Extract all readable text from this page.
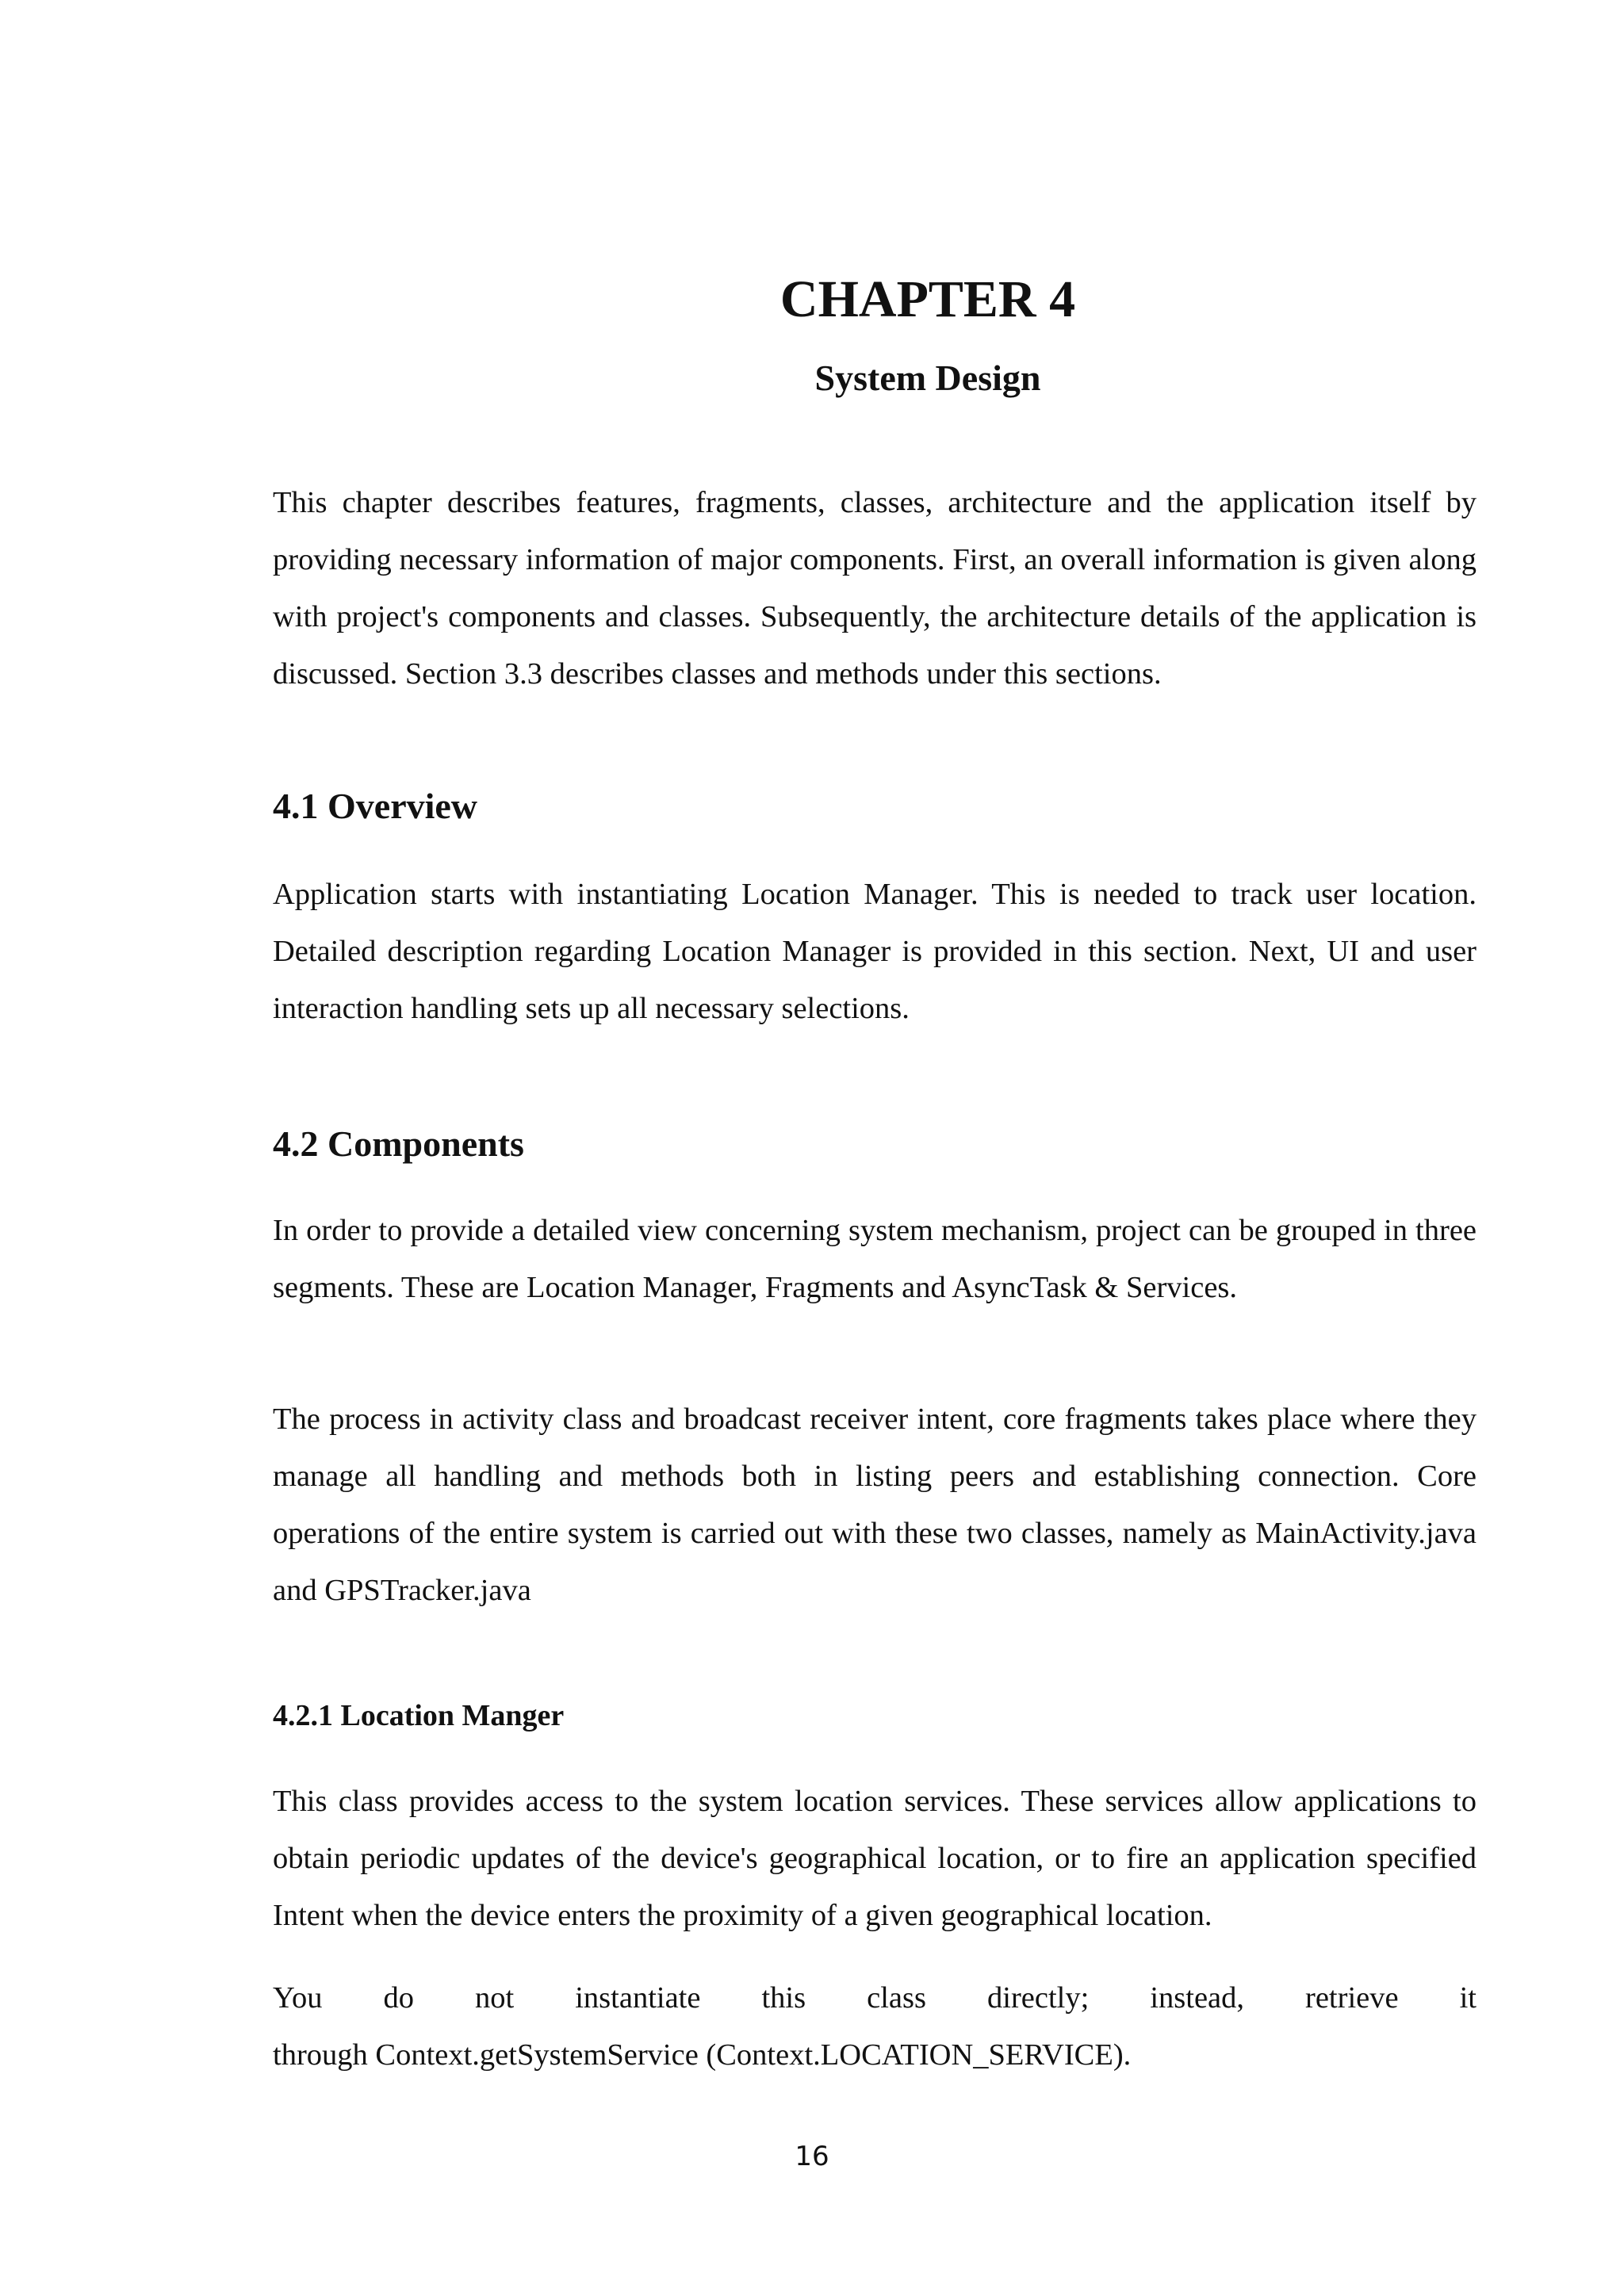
CHAPTER 4
System Design

This chapter describes features, fragments, classes, architecture and the application itself by providing necessary information of major components. First, an overall information is given along with project's components and classes. Subsequently, the architecture details of the application is discussed. Section 3.3 describes classes and methods under this sections.

4.1 Overview

Application starts with instantiating Location Manager. This is needed to track user location. Detailed description regarding Location Manager is provided in this section. Next, UI and user interaction handling sets up all necessary selections.

4.2 Components

In order to provide a detailed view concerning system mechanism, project can be grouped in three segments. These are Location Manager, Fragments and AsyncTask & Services.

The process in activity class and broadcast receiver intent, core fragments takes place where they manage all handling and methods both in listing peers and establishing connection. Core operations of the entire system is carried out with these two classes, namely as MainActivity.java and GPSTracker.java

4.2.1 Location Manger

This class provides access to the system location services. These services allow applications to obtain periodic updates of the device's geographical location, or to fire an application specified Intent when the device enters the proximity of a given geographical location.

You do not instantiate this class directly; instead, retrieve it

through Context.getSystemService (Context.LOCATION_SERVICE).

16
